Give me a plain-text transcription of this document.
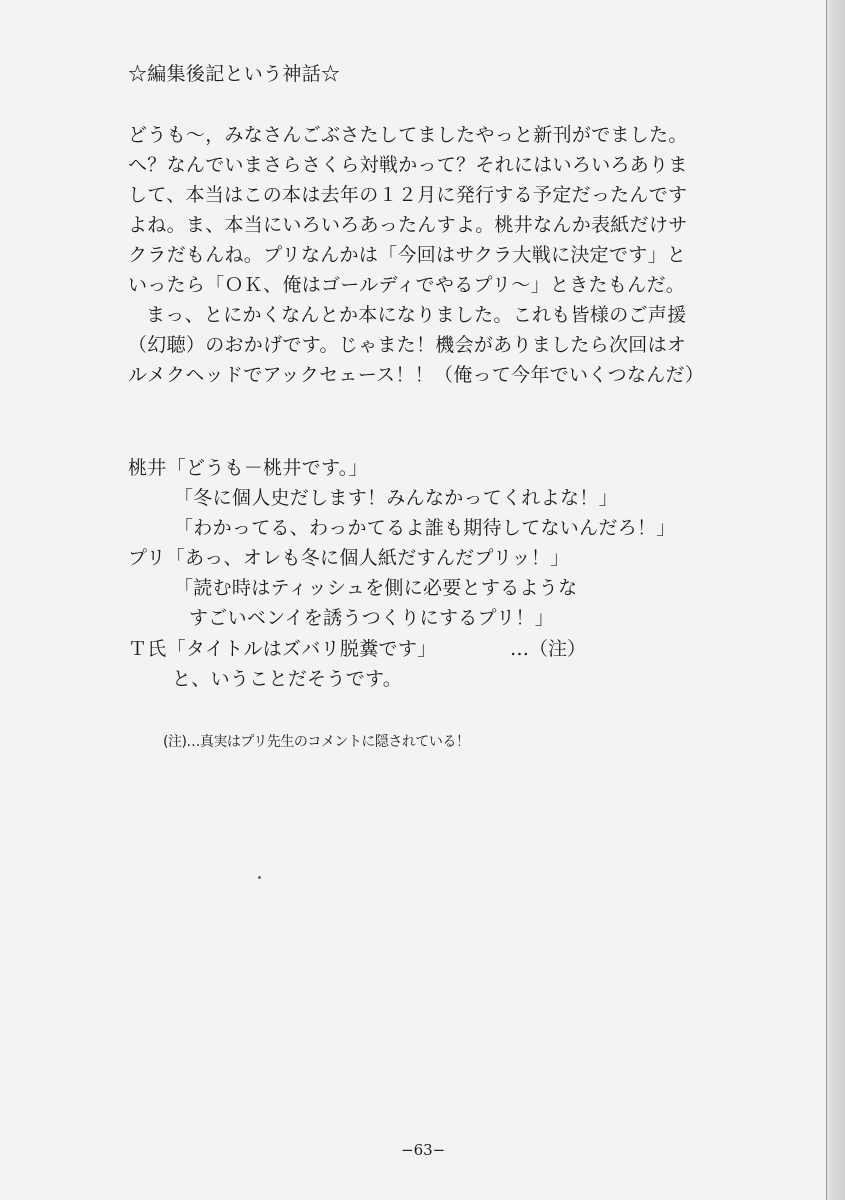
☆編集後記という神話☆
どうも～，みなさんごぶさたしてましたやっと新刊がでました。
へ？なんでいまさらさくら対戦かって？それにはいろいろありま
して、本当はこの本は去年の１２月に発行する予定だったんです
よね。ま、本当にいろいろあったんすよ。桃井なんか表紙だけサ
クラだもんね。プリなんかは「今回はサクラ大戦に決定です」と
いったら「ＯＫ、俺はゴールディでやるプリ～」ときたもんだ。
まっ、とにかくなんとか本になりました。これも皆様のご声援
（幻聴）のおかげです。じゃまた！機会がありましたら次回はオ
ルメクヘッドでアックセェース！！（俺って今年でいくつなんだ）
桃井「どうも－桃井です。」
「冬に個人史だします！みんなかってくれよな！」
「わかってる、わっかてるよ誰も期待してないんだろ！」
プリ「あっ、オレも冬に個人紙だすんだプリッ！」
「読む時はティッシュを側に必要とするような
すごいベンイを誘うつくりにするプリ！」
Ｔ氏「タイトルはズバリ脱糞です」	…（注）
と、いうことだそうです。
(注)…真実はプリ先生のコメントに隠されている！
−63−
